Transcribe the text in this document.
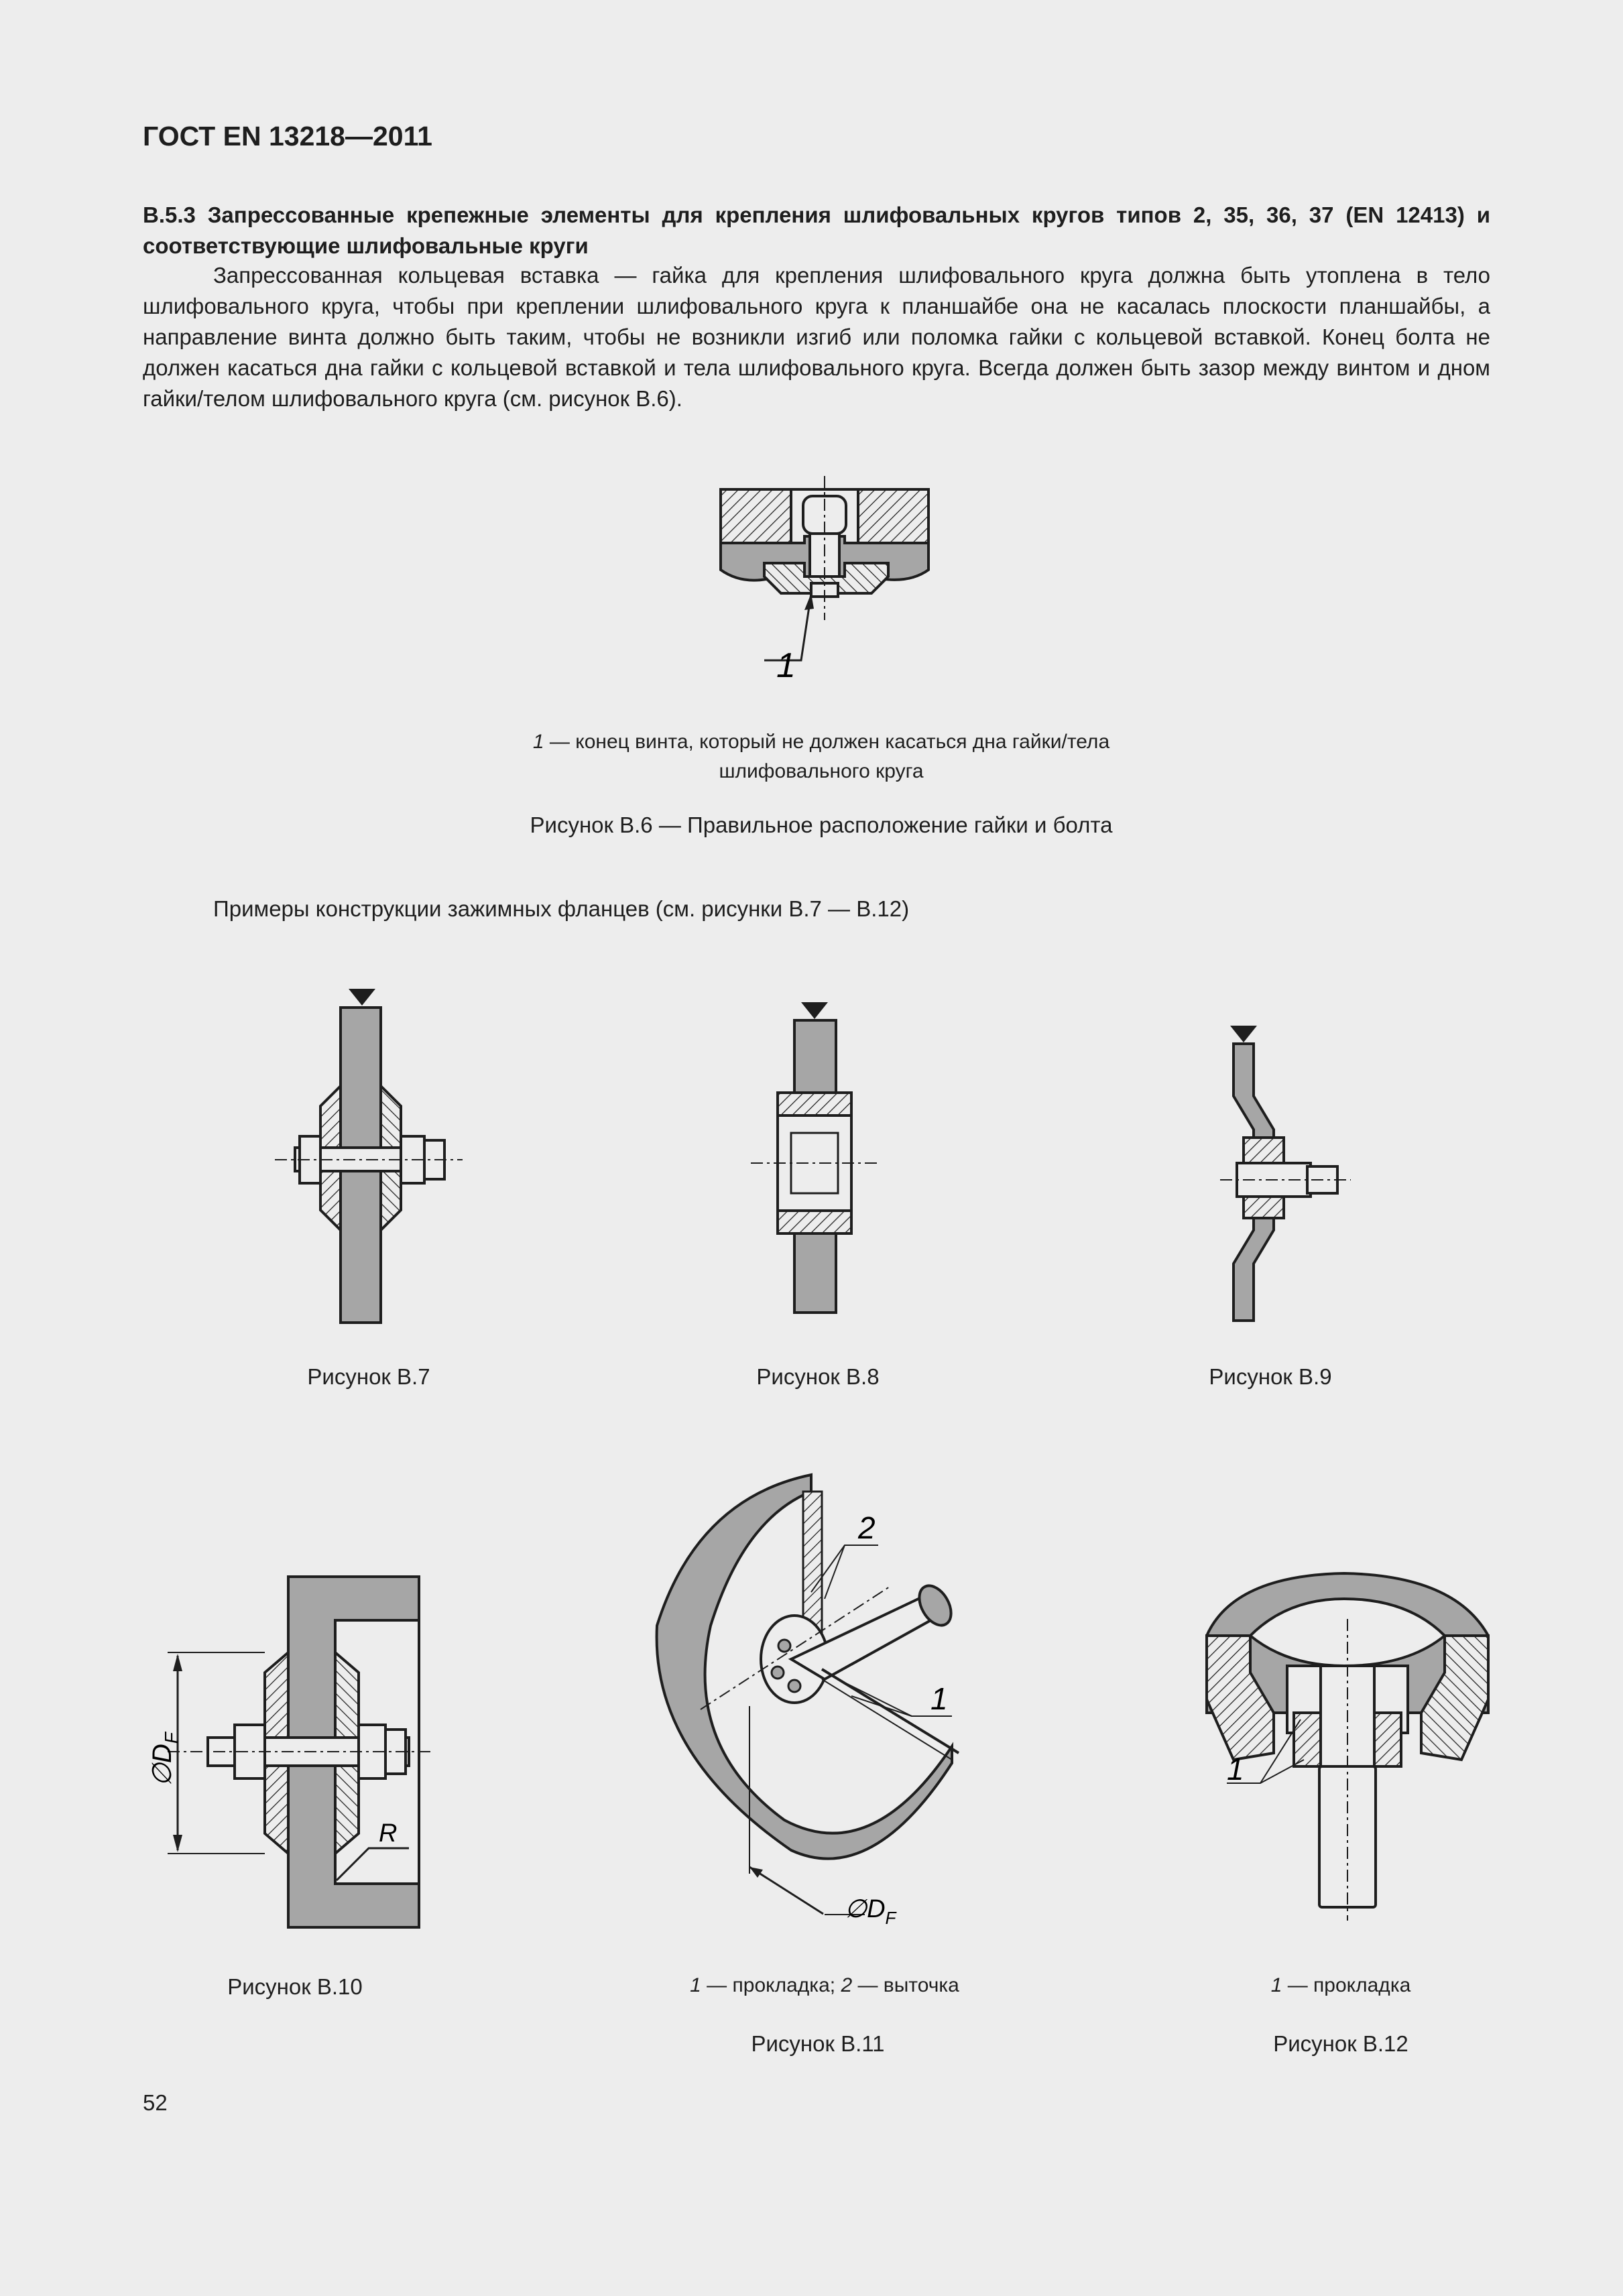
ГОСТ EN 13218—2011
В.5.3 Запрессованные крепежные элементы для крепления шлифовальных кругов типов 2, 35, 36, 37 (EN 12413) и соответствующие шлифовальные круги
Запрессованная кольцевая вставка — гайка для крепления шлифовального круга должна быть утоплена в тело шлифовального круга, чтобы при креплении шлифовального круга к планшайбе она не касалась плоскости планшайбы, а направление винта должно быть таким, чтобы не возникли изгиб или поломка гайки с кольцевой вставкой. Конец болта не должен касаться дна гайки с кольцевой вставкой и тела шлифовального круга. Всегда должен быть зазор между винтом и дном гайки/телом шлифовального круга (см. рисунок В.6).
1
1 — конец винта, который не должен касаться дна гайки/тела шлифовального круга
Рисунок В.6 — Правильное расположение гайки и болта
Примеры конструкции зажимных фланцев (см. рисунки В.7 — В.12)
Рисунок В.7	Рисунок В.8	Рисунок В.9
$\emptyset D_F$
R
Рисунок В.10
$\emptyset D_F$
2
1
1 — прокладка; 2 — выточка
Рисунок В.11
1
1 — прокладка
Рисунок В.12
52
